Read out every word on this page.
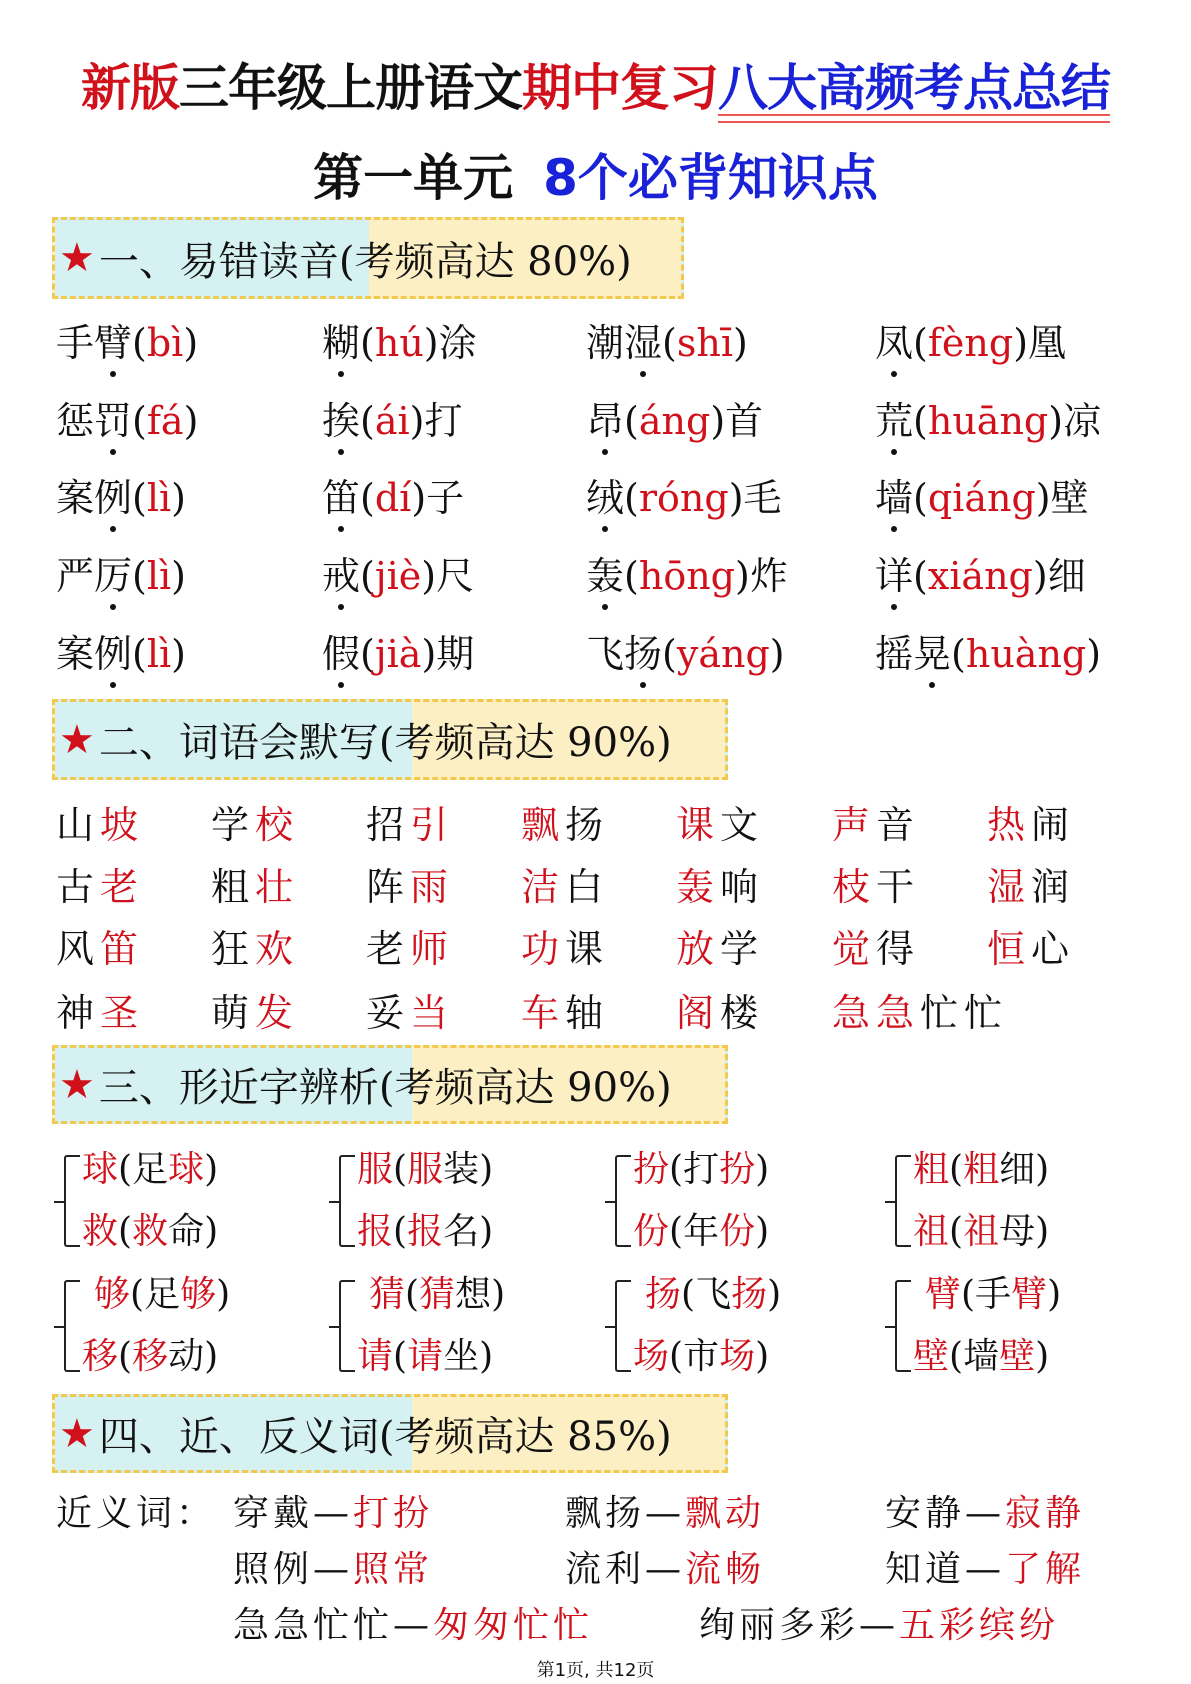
新版三年级上册语文期中复习八大高频考点总结
第一单元 8个必背知识点
★ 一、易错读音 (考频高达 80%)
★ 二、词语会默写 (考频高达 90%)
★ 三、形近字辨析 (考频高达 90%)
★ 四、近、反义词 (考频高达 85%)
手臂(bì)	糊(hú)涂	潮湿(shī)	凤(fèng)凰
惩罚(fá)	挨(ái)打	昂(áng)首	荒(huāng)凉
案例(lì)	笛(dí)子	绒(róng)毛 墙(qiáng)壁
严厉(lì)	戒(jiè)尺	轰(hōng)炸 详(xiáng)细
案例(lì)	假(jià)期	飞扬(yáng) 摇晃(huàng)
山坡 学校 招引 飘扬 课文 声音 热闹
古老 粗壮 阵雨 洁白 轰响 枝干 湿润
风笛 狂欢 老师 功课 放学 觉得 恒心
神圣 萌发 妥当 车轴 阁楼 急急忙忙
球(足球)
救(救命)
服(服装)
报(报名)
扮(打扮)
份(年份)
粗(粗细)
祖(祖母)
够(足够)
移(移动)
猜(猜想)
请(请坐)
扬(飞扬)
场(市场)
臂(手臂)
壁(墙壁)
近义词： 穿戴—打扮	飘扬—飘动	安静—寂静
照例—照常	流利—流畅	知道—了解
急急忙忙—匆匆忙忙	绚丽多彩—五彩缤纷
第1页, 共12页
